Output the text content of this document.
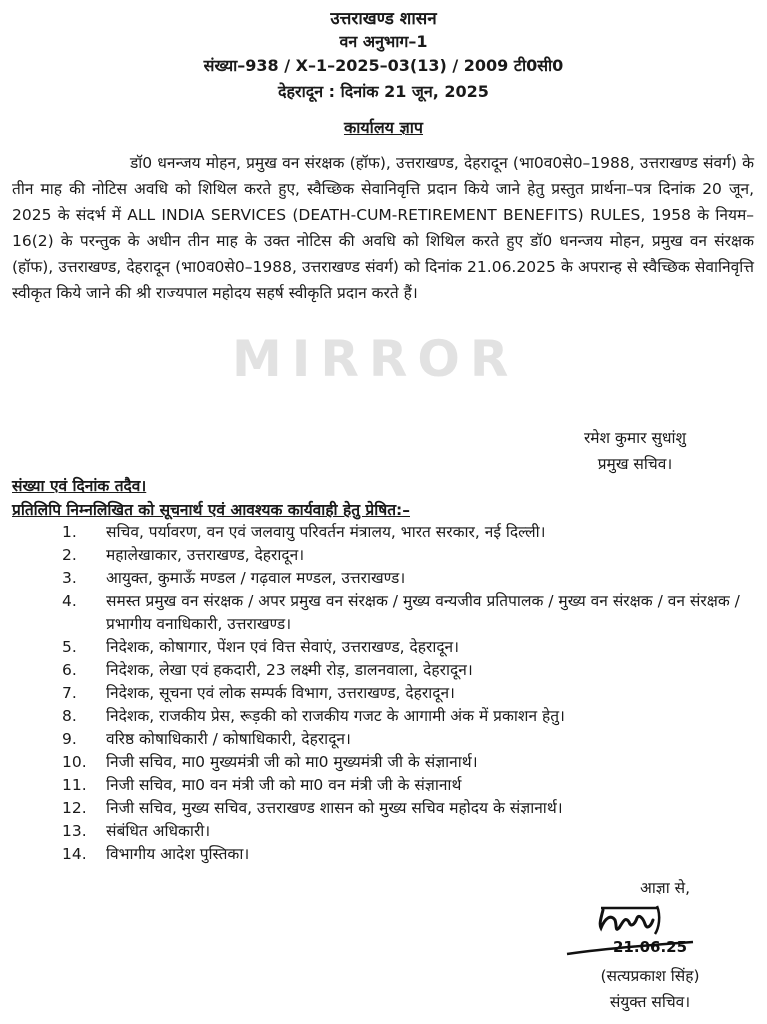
उत्तराखण्ड शासन
वन अनुभाग–1
संख्या–938 / X–1–2025–03(13) / 2009 टी0सी0
देहरादून : दिनांक 21 जून, 2025
कार्यालय ज्ञाप
MIRROR
डॉ0 धनन्जय मोहन, प्रमुख वन संरक्षक (हॉफ), उत्तराखण्ड, देहरादून (भा0व0से0–1988, उत्तराखण्ड संवर्ग) के तीन माह की नोटिस अवधि को शिथिल करते हुए, स्वैच्छिक सेवानिवृत्ति प्रदान किये जाने हेतु प्रस्तुत प्रार्थना–पत्र दिनांक 20 जून, 2025 के संदर्भ में ALL INDIA SERVICES (DEATH-CUM-RETIREMENT BENEFITS) RULES, 1958 के नियम–16(2) के परन्तुक के अधीन तीन माह के उक्त नोटिस की अवधि को शिथिल करते हुए डॉ0 धनन्जय मोहन, प्रमुख वन संरक्षक (हॉफ), उत्तराखण्ड, देहरादून (भा0व0से0–1988, उत्तराखण्ड संवर्ग) को दिनांक 21.06.2025 के अपरान्ह से स्वैच्छिक सेवानिवृत्ति स्वीकृत किये जाने की श्री राज्यपाल महोदय सहर्ष स्वीकृति प्रदान करते हैं।
रमेश कुमार सुधांशु
प्रमुख सचिव।
संख्या एवं दिनांक तदैव।
प्रतिलिपि निम्नलिखित को सूचनार्थ एवं आवश्यक कार्यवाही हेतु प्रेषित:–
1.	सचिव, पर्यावरण, वन एवं जलवायु परिवर्तन मंत्रालय, भारत सरकार, नई दिल्ली।
2.	महालेखाकार, उत्तराखण्ड, देहरादून।
3.	आयुक्त, कुमाऊँ मण्डल / गढ़वाल मण्डल, उत्तराखण्ड।
4.	समस्त प्रमुख वन संरक्षक / अपर प्रमुख वन संरक्षक / मुख्य वन्यजीव प्रतिपालक / मुख्य वन संरक्षक / वन संरक्षक / प्रभागीय वनाधिकारी, उत्तराखण्ड।
5.	निदेशक, कोषागार, पेंशन एवं वित्त सेवाएं, उत्तराखण्ड, देहरादून।
6.	निदेशक, लेखा एवं हकदारी, 23 लक्ष्मी रोड़, डालनवाला, देहरादून।
7.	निदेशक, सूचना एवं लोक सम्पर्क विभाग, उत्तराखण्ड, देहरादून।
8.	निदेशक, राजकीय प्रेस, रूड़की को राजकीय गजट के आगामी अंक में प्रकाशन हेतु।
9.	वरिष्ठ कोषाधिकारी / कोषाधिकारी, देहरादून।
10.	निजी सचिव, मा0 मुख्यमंत्री जी को मा0 मुख्यमंत्री जी के संज्ञानार्थ।
11.	निजी सचिव, मा0 वन मंत्री जी को मा0 वन मंत्री जी के संज्ञानार्थ
12.	निजी सचिव, मुख्य सचिव, उत्तराखण्ड शासन को मुख्य सचिव महोदय के संज्ञानार्थ।
13.	संबंधित अधिकारी।
14.	विभागीय आदेश पुस्तिका।
आज्ञा से,
(सत्यप्रकाश सिंह)
संयुक्त सचिव।
21.06.25
